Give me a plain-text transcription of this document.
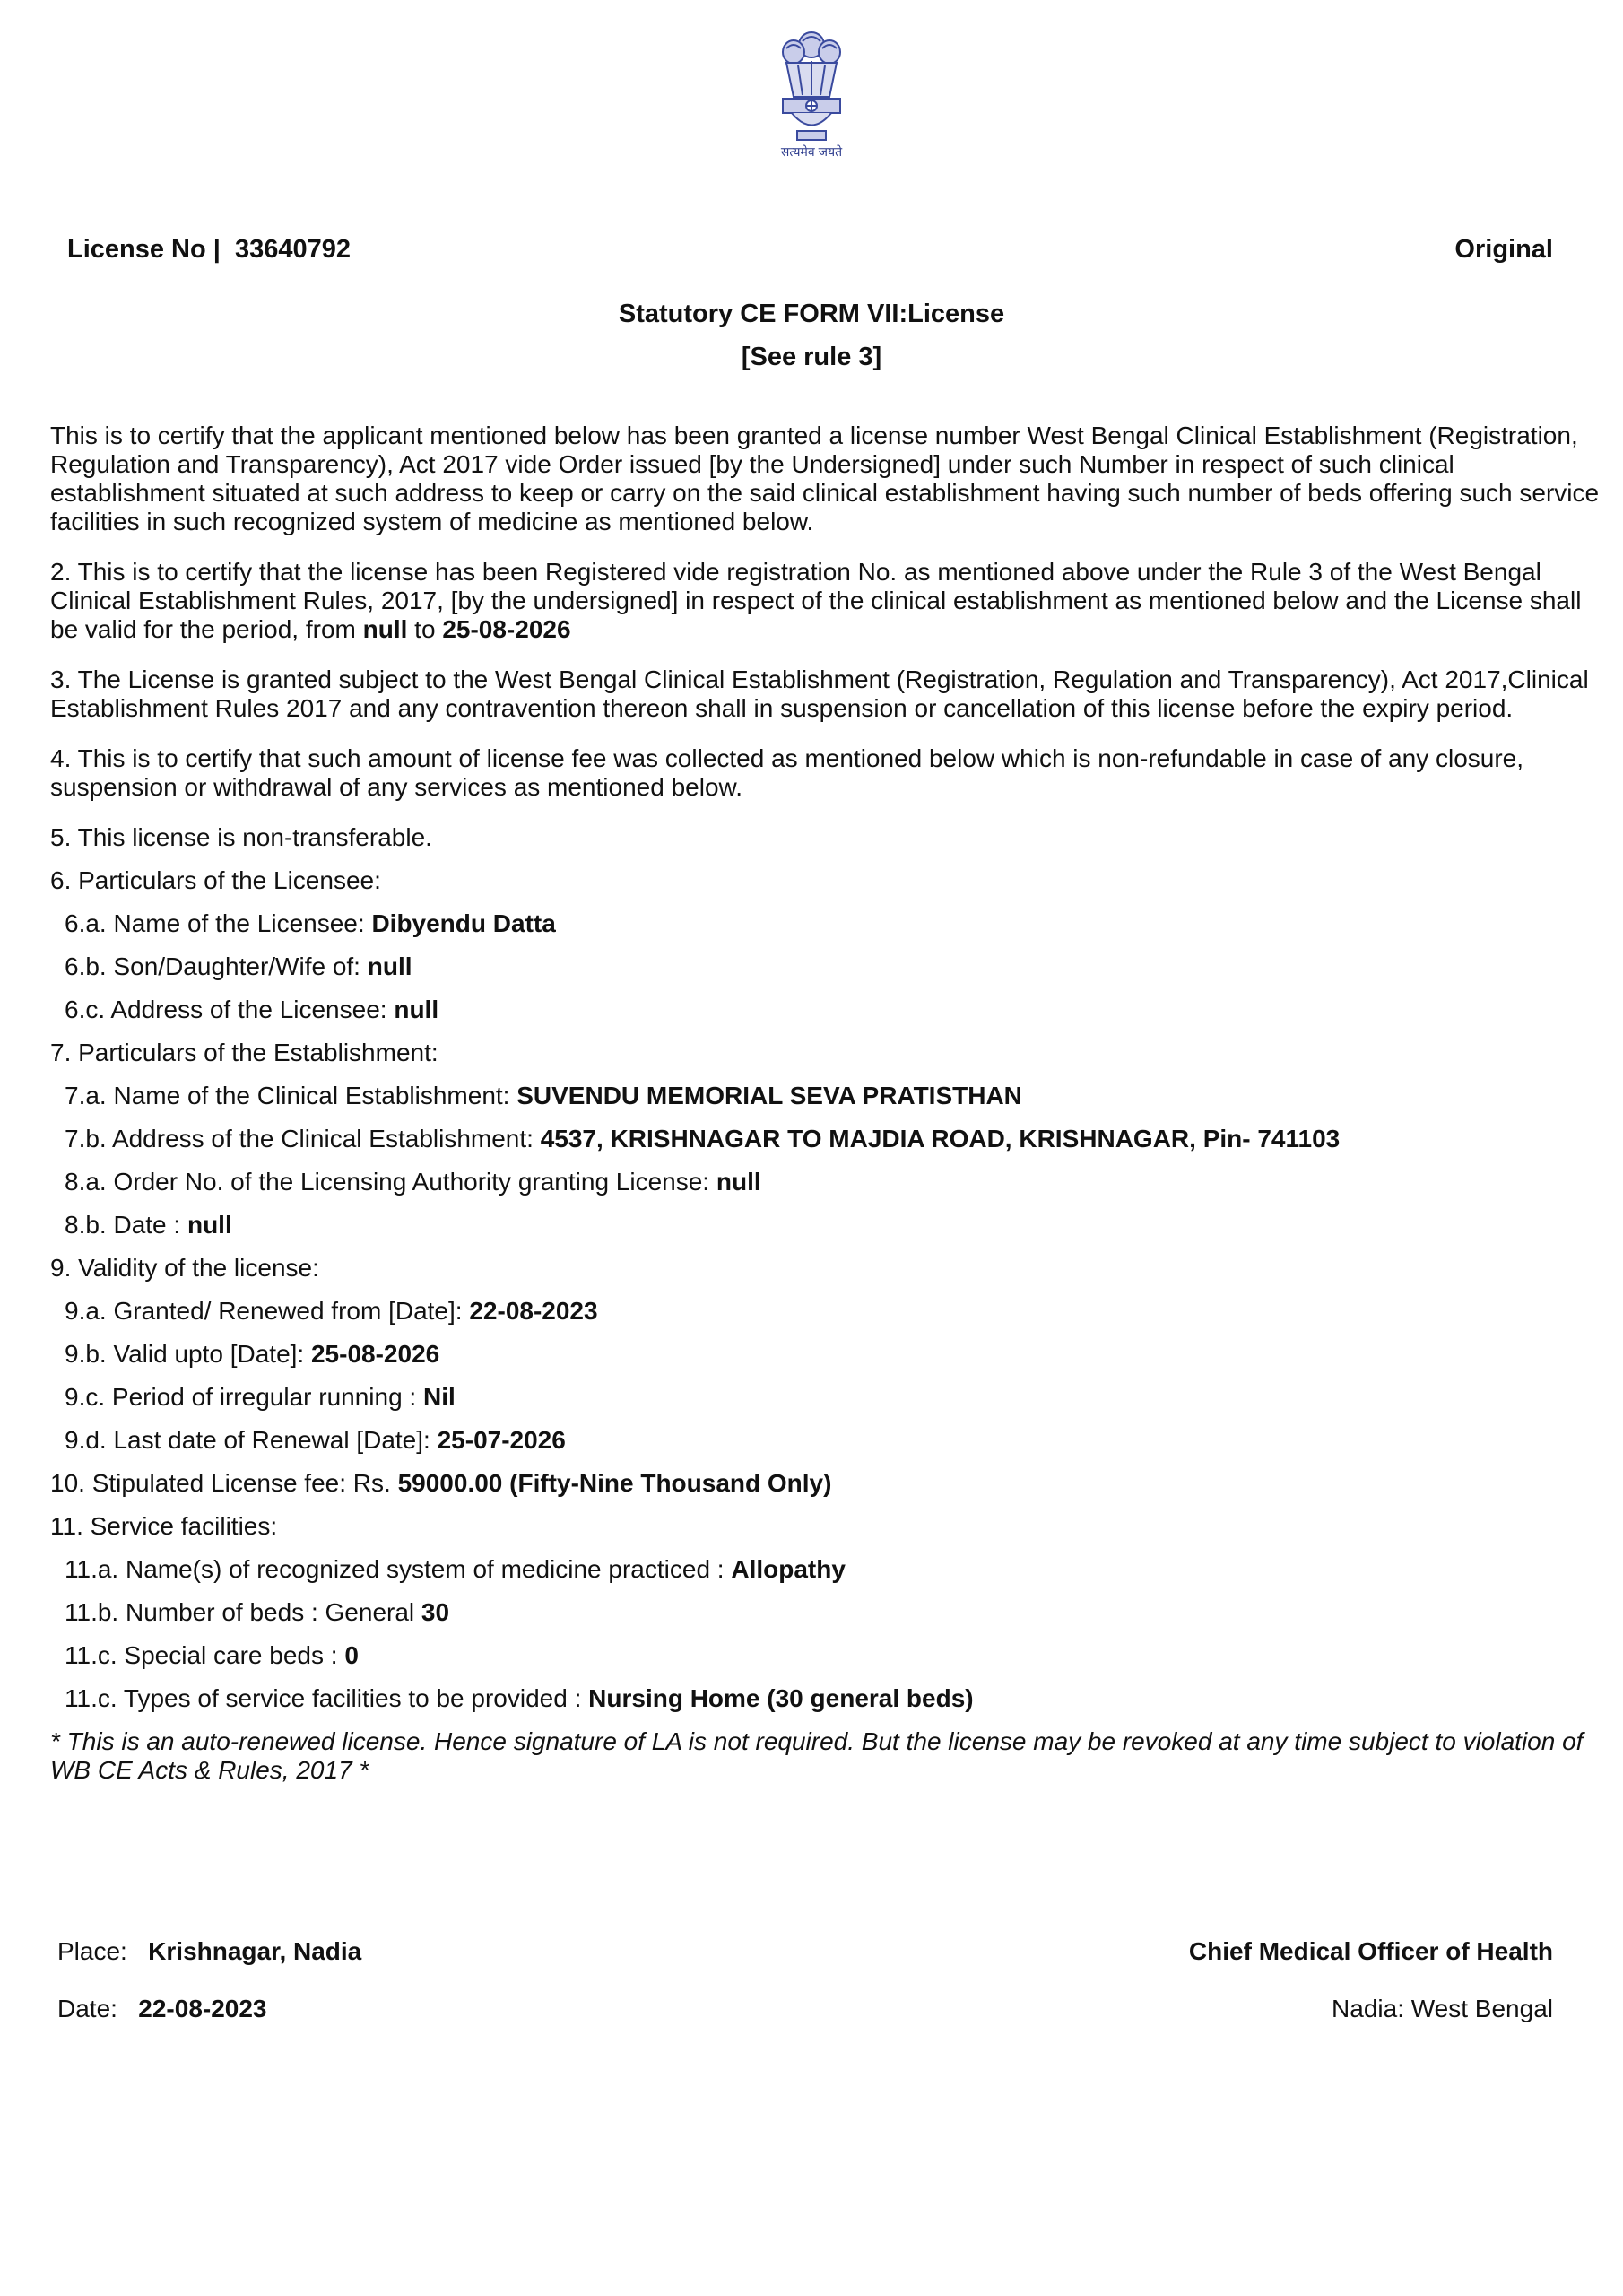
सत्यमेव जयते
License No | 33640792	Original
Statutory CE FORM VII:License
[See rule 3]

This is to certify that the applicant mentioned below has been granted a license number West Bengal Clinical Establishment (Registration, Regulation and Transparency), Act 2017 vide Order issued [by the Undersigned] under such Number in respect of such clinical establishment situated at such address to keep or carry on the said clinical establishment having such number of beds offering such service facilities in such recognized system of medicine as mentioned below.

2. This is to certify that the license has been Registered vide registration No. as mentioned above under the Rule 3 of the West Bengal Clinical Establishment Rules, 2017, [by the undersigned] in respect of the clinical establishment as mentioned below and the License shall be valid for the period, from null to 25-08-2026

3. The License is granted subject to the West Bengal Clinical Establishment (Registration, Regulation and Transparency), Act 2017,Clinical Establishment Rules 2017 and any contravention thereon shall in suspension or cancellation of this license before the expiry period.

4. This is to certify that such amount of license fee was collected as mentioned below which is non-refundable in case of any closure, suspension or withdrawal of any services as mentioned below.

5. This license is non-transferable.
6. Particulars of the Licensee:
6.a. Name of the Licensee: Dibyendu Datta
6.b. Son/Daughter/Wife of: null
6.c. Address of the Licensee: null
7. Particulars of the Establishment:
7.a. Name of the Clinical Establishment: SUVENDU MEMORIAL SEVA PRATISTHAN
7.b. Address of the Clinical Establishment: 4537, KRISHNAGAR TO MAJDIA ROAD, KRISHNAGAR, Pin- 741103
8.a. Order No. of the Licensing Authority granting License: null
8.b. Date : null
9. Validity of the license:
9.a. Granted/ Renewed from [Date]: 22-08-2023
9.b. Valid upto [Date]: 25-08-2026
9.c. Period of irregular running : Nil
9.d. Last date of Renewal [Date]: 25-07-2026
10. Stipulated License fee: Rs. 59000.00 (Fifty-Nine Thousand Only)
11. Service facilities:
11.a. Name(s) of recognized system of medicine practiced : Allopathy
11.b. Number of beds : General 30
11.c. Special care beds : 0
11.c. Types of service facilities to be provided : Nursing Home (30 general beds)

* This is an auto-renewed license. Hence signature of LA is not required. But the license may be revoked at any time subject to violation of WB CE Acts & Rules, 2017 *

Place: Krishnagar, Nadia
Date: 22-08-2023
Chief Medical Officer of Health
Nadia: West Bengal
